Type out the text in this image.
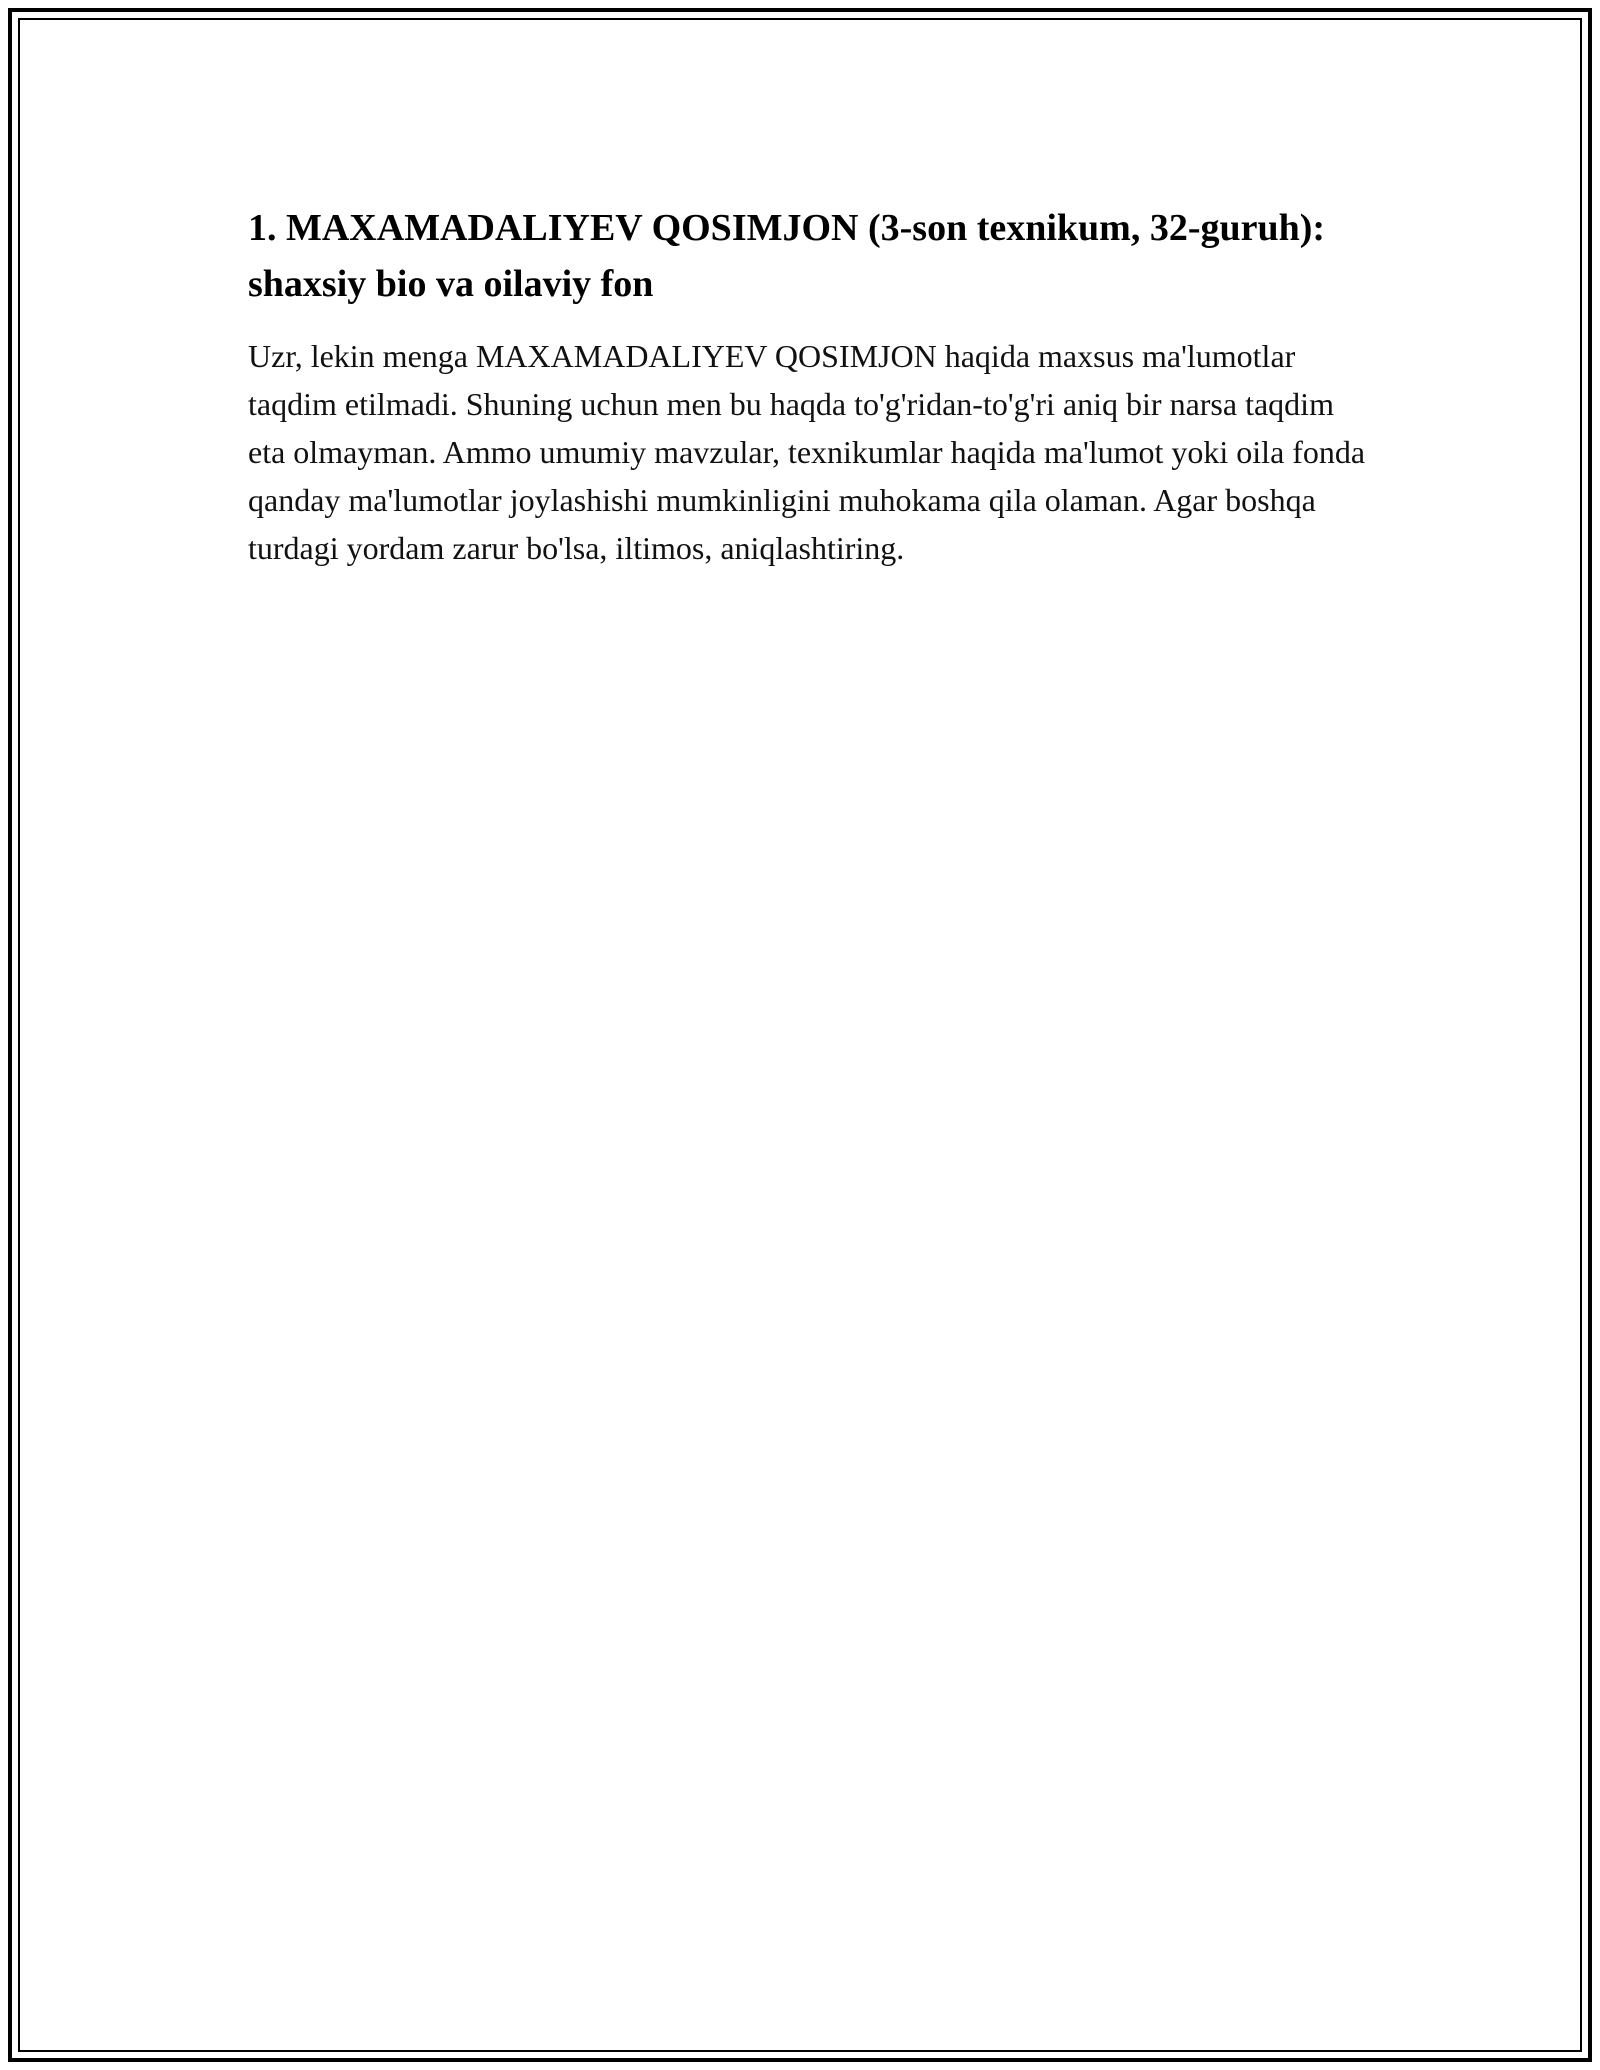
1. MAXAMADALIYEV QOSIMJON (3-son texnikum, 32-guruh): shaxsiy bio va oilaviy fon

Uzr, lekin menga MAXAMADALIYEV QOSIMJON haqida maxsus ma'lumotlar taqdim etilmadi. Shuning uchun men bu haqda to'g'ridan-to'g'ri aniq bir narsa taqdim eta olmayman. Ammo umumiy mavzular, texnikumlar haqida ma'lumot yoki oila fonda qanday ma'lumotlar joylashishi mumkinligini muhokama qila olaman. Agar boshqa turdagi yordam zarur bo'lsa, iltimos, aniqlashtiring.
